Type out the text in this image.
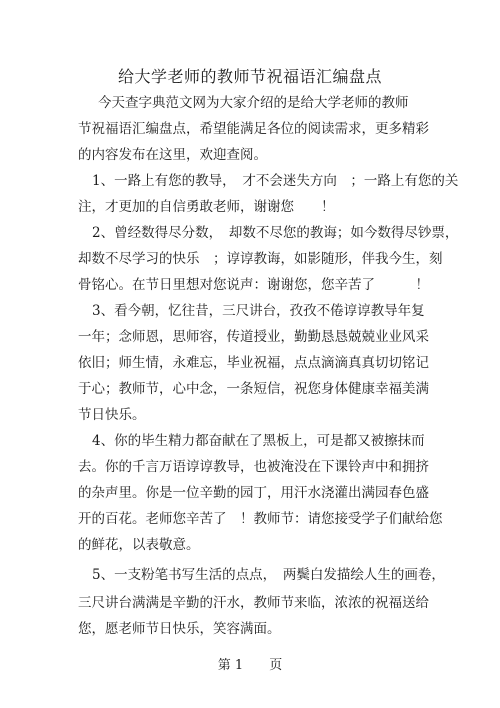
给大学老师的教师节祝福语汇编盘点
今天查字典范文网为大家介绍的是给大学老师的教师
节祝福语汇编盘点，希望能满足各位的阅读需求，更多精彩
的内容发布在这里，欢迎查阅。
1、一路上有您的教导，　才不会迷失方向　；一路上有您的关
注，才更加的自信勇敢老师，谢谢您　　！
2、曾经数得尽分数，　却数不尽您的教诲；如今数得尽钞票，
却数不尽学习的快乐　；谆谆教诲，如影随形，伴我今生，刻
骨铭心。在节日里想对您说声：谢谢您，您辛苦了　　　！
3、看今朝，忆往昔，三尺讲台，孜孜不倦谆谆教导年复
一年；念师恩，思师容，传道授业，勤勤恳恳兢兢业业风采
依旧；师生情，永难忘，毕业祝福，点点滴滴真真切切铭记
于心；教师节，心中念，一条短信，祝您身体健康幸福美满
节日快乐。
4、你的毕生精力都奋献在了黑板上，可是都又被擦抹而
去。你的千言万语谆谆教导，也被淹没在下课铃声中和拥挤
的杂声里。你是一位辛勤的园丁，用汗水浇灌出满园春色盛
开的百花。老师您辛苦了　！教师节：请您接受学子们献给您
的鲜花，以表敬意。
5、一支粉笔书写生活的点点，　两鬓白发描绘人生的画卷，
三尺讲台满满是辛勤的汗水，教师节来临，浓浓的祝福送给
您，愿老师节日快乐，笑容满面。
第 1　　页
